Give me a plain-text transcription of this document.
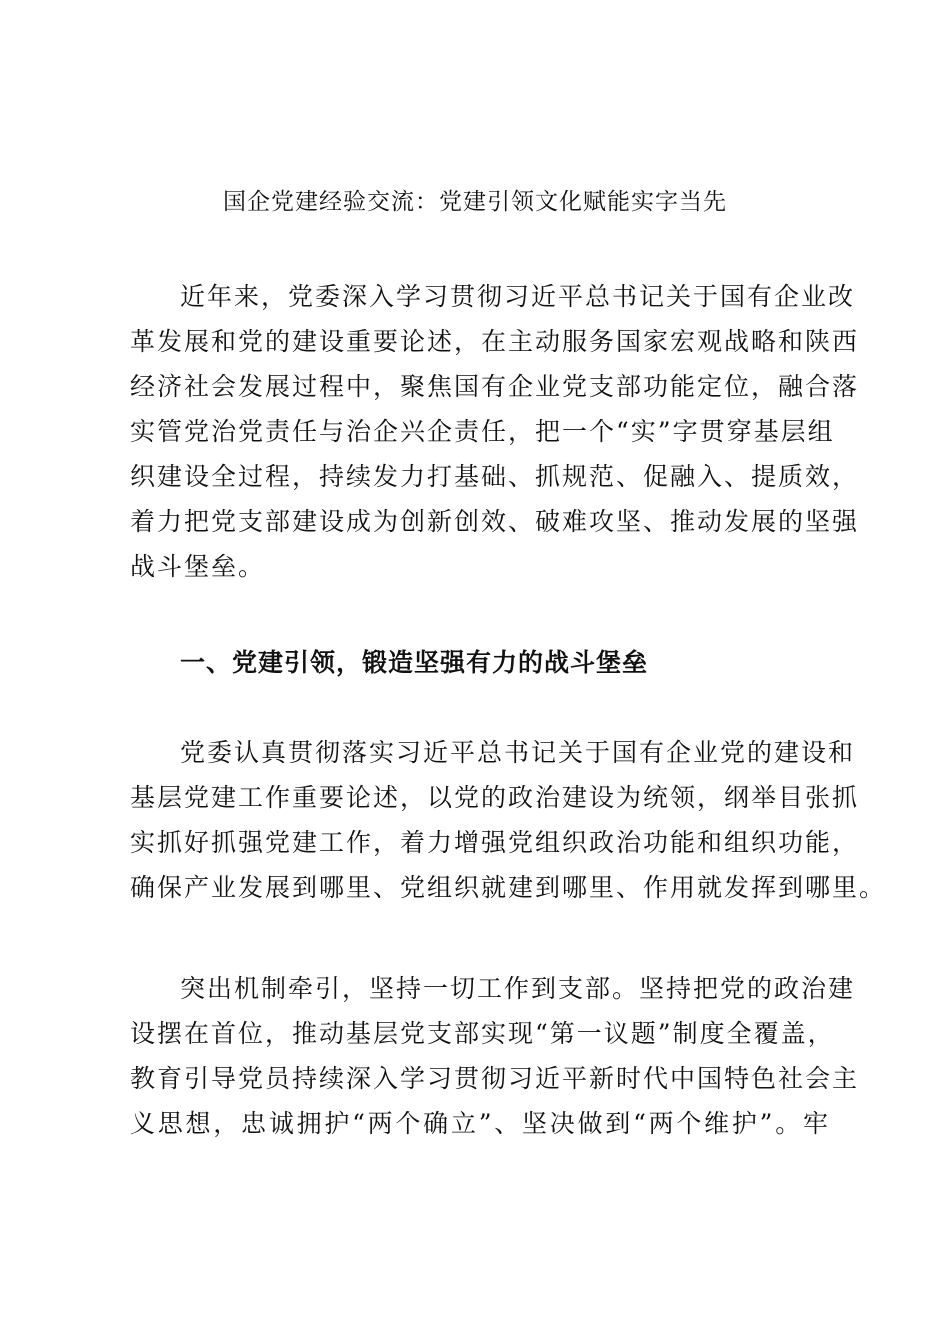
国企党建经验交流：党建引领文化赋能实字当先

近年来，党委深入学习贯彻习近平总书记关于国有企业改
革发展和党的建设重要论述，在主动服务国家宏观战略和陕西
经济社会发展过程中，聚焦国有企业党支部功能定位，融合落
实管党治党责任与治企兴企责任，把一个“实”字贯穿基层组
织建设全过程，持续发力打基础、抓规范、促融入、提质效，
着力把党支部建设成为创新创效、破难攻坚、推动发展的坚强
战斗堡垒。

一、党建引领，锻造坚强有力的战斗堡垒

党委认真贯彻落实习近平总书记关于国有企业党的建设和
基层党建工作重要论述，以党的政治建设为统领，纲举目张抓
实抓好抓强党建工作，着力增强党组织政治功能和组织功能，
确保产业发展到哪里、党组织就建到哪里、作用就发挥到哪里。

突出机制牵引，坚持一切工作到支部。坚持把党的政治建
设摆在首位，推动基层党支部实现“第一议题”制度全覆盖，
教育引导党员持续深入学习贯彻习近平新时代中国特色社会主
义思想，忠诚拥护“两个确立”、坚决做到“两个维护”。牢
